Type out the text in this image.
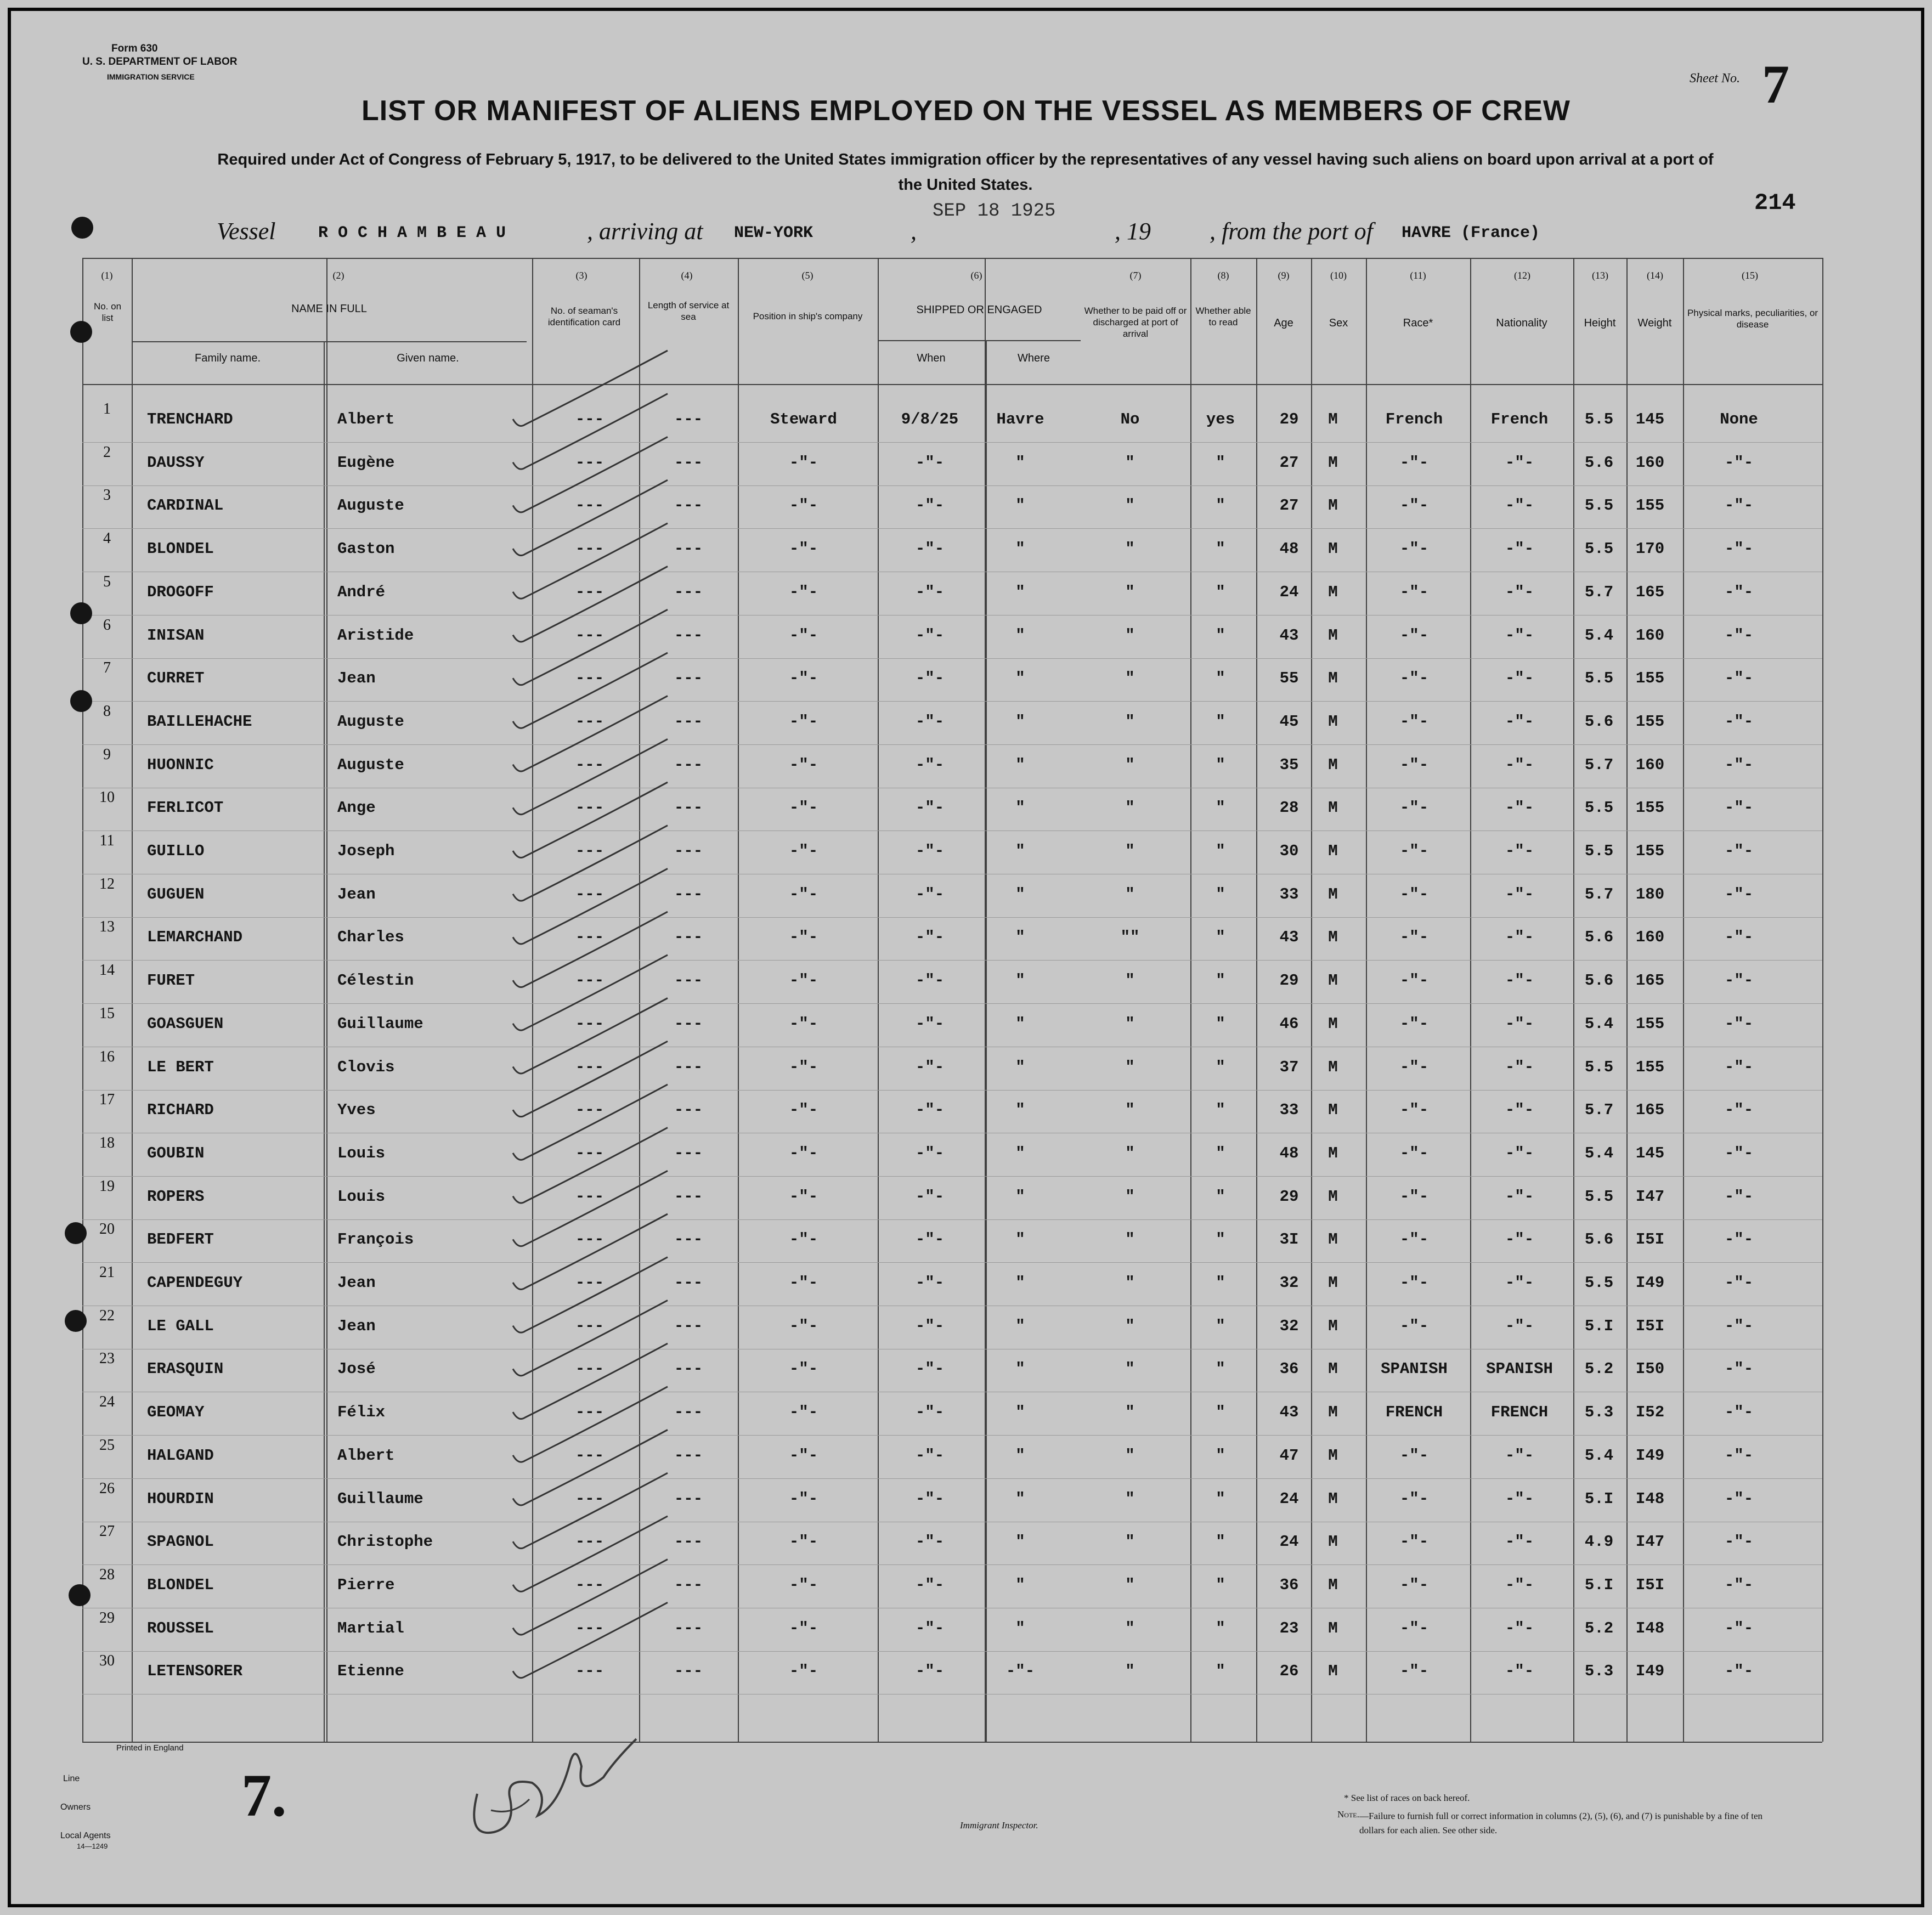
Form 630
U. S. DEPARTMENT OF LABOR
IMMIGRATION SERVICE	Sheet No. 7
214
LIST OR MANIFEST OF ALIENS EMPLOYED ON THE VESSEL AS MEMBERS OF CREW
Required under Act of Congress of February 5, 1917, to be delivered to the United States immigration officer by the representatives of any vessel having such aliens on board upon arrival at a port of the United States.
Vessel	R O C H A M B E A U	, arriving at NEW-YORK	,
SEP 18 1925
, 19 , from the port of HAVRE (France)
(1)	(2)	(3)	(4)	(5)	(6)	(7)	(8)	(9)	(10)	(11)	(12)	(13)	(14)	(15)
No. on list
NAME IN FULL
Family name.	Given name.
No. of seaman's identification card
Length of service at sea	Position in ship's company
SHIPPED OR ENGAGED
When	Where
Whether to be paid off or discharged at port of arrival
Whether able to read	Age	Sex	Race*	Nationality	Height	Weight
Physical marks, peculiarities, or disease
1
TRENCHARD	Albert	---	---	Steward	9/8/25	Havre	No	yes	29	M	French	French	5.5	145	None
2
DAUSSY	Eugène	---	---	-"-	-"-	"	"	"	27	M	-"-	-"-	5.6	160	-"-
3
CARDINAL	Auguste	---	---	-"-	-"-	"	"	"	27	M	-"-	-"-	5.5	155	-"-
4
BLONDEL	Gaston	---	---	-"-	-"-	"	"	"	48	M	-"-	-"-	5.5	170	-"-
5
DROGOFF	André	---	---	-"-	-"-	"	"	"	24	M	-"-	-"-	5.7	165	-"-
6
INISAN	Aristide	---	---	-"-	-"-	"	"	"	43	M	-"-	-"-	5.4	160	-"-
7
CURRET	Jean	---	---	-"-	-"-	"	"	"	55	M	-"-	-"-	5.5	155	-"-
8
BAILLEHACHE	Auguste	---	---	-"-	-"-	"	"	"	45	M	-"-	-"-	5.6	155	-"-
9
HUONNIC	Auguste	---	---	-"-	-"-	"	"	"	35	M	-"-	-"-	5.7	160	-"-
10
FERLICOT	Ange	---	---	-"-	-"-	"	"	"	28	M	-"-	-"-	5.5	155	-"-
11
GUILLO	Joseph	---	---	-"-	-"-	"	"	"	30	M	-"-	-"-	5.5	155	-"-
12
GUGUEN	Jean	---	---	-"-	-"-	"	"	"	33	M	-"-	-"-	5.7	180	-"-
13
LEMARCHAND	Charles	---	---	-"-	-"-	"	""	"	43	M	-"-	-"-	5.6	160	-"-
14
FURET	Célestin	---	---	-"-	-"-	"	"	"	29	M	-"-	-"-	5.6	165	-"-
15
GOASGUEN	Guillaume	---	---	-"-	-"-	"	"	"	46	M	-"-	-"-	5.4	155	-"-
16
LE BERT	Clovis	---	---	-"-	-"-	"	"	"	37	M	-"-	-"-	5.5	155	-"-
17
RICHARD	Yves	---	---	-"-	-"-	"	"	"	33	M	-"-	-"-	5.7	165	-"-
18
GOUBIN	Louis	---	---	-"-	-"-	"	"	"	48	M	-"-	-"-	5.4	145	-"-
19
ROPERS	Louis	---	---	-"-	-"-	"	"	"	29	M	-"-	-"-	5.5	I47	-"-
20
BEDFERT	François	---	---	-"-	-"-	"	"	"	3I	M	-"-	-"-	5.6	I5I	-"-
21
CAPENDEGUY	Jean	---	---	-"-	-"-	"	"	"	32	M	-"-	-"-	5.5	I49	-"-
22
LE GALL	Jean	---	---	-"-	-"-	"	"	"	32	M	-"-	-"-	5.I	I5I	-"-
23
ERASQUIN	José	---	---	-"-	-"-	"	"	"	36	M	SPANISH	SPANISH	5.2	I50	-"-
24
GEOMAY	Félix	---	---	-"-	-"-	"	"	"	43	M	FRENCH	FRENCH	5.3	I52	-"-
25
HALGAND	Albert	---	---	-"-	-"-	"	"	"	47	M	-"-	-"-	5.4	I49	-"-
26
HOURDIN	Guillaume	---	---	-"-	-"-	"	"	"	24	M	-"-	-"-	5.I	I48	-"-
27
SPAGNOL	Christophe	---	---	-"-	-"-	"	"	"	24	M	-"-	-"-	4.9	I47	-"-
28
BLONDEL	Pierre	---	---	-"-	-"-	"	"	"	36	M	-"-	-"-	5.I	I5I	-"-
29
ROUSSEL	Martial	---	---	-"-	-"-	"	"	"	23	M	-"-	-"-	5.2	I48	-"-
30
LETENSORER	Etienne	---	---	-"-	-"-	-"-	"	"	26	M	-"-	-"-	5.3	I49	-"-
Printed in England
Line
Owners
Local Agents
14—1249
7.	Immigrant Inspector.
* See list of races on back hereof.
Note. —Failure to furnish full or correct information in columns (2), (5), (6), and (7) is punishable by a fine of ten dollars for each alien. See other side.
